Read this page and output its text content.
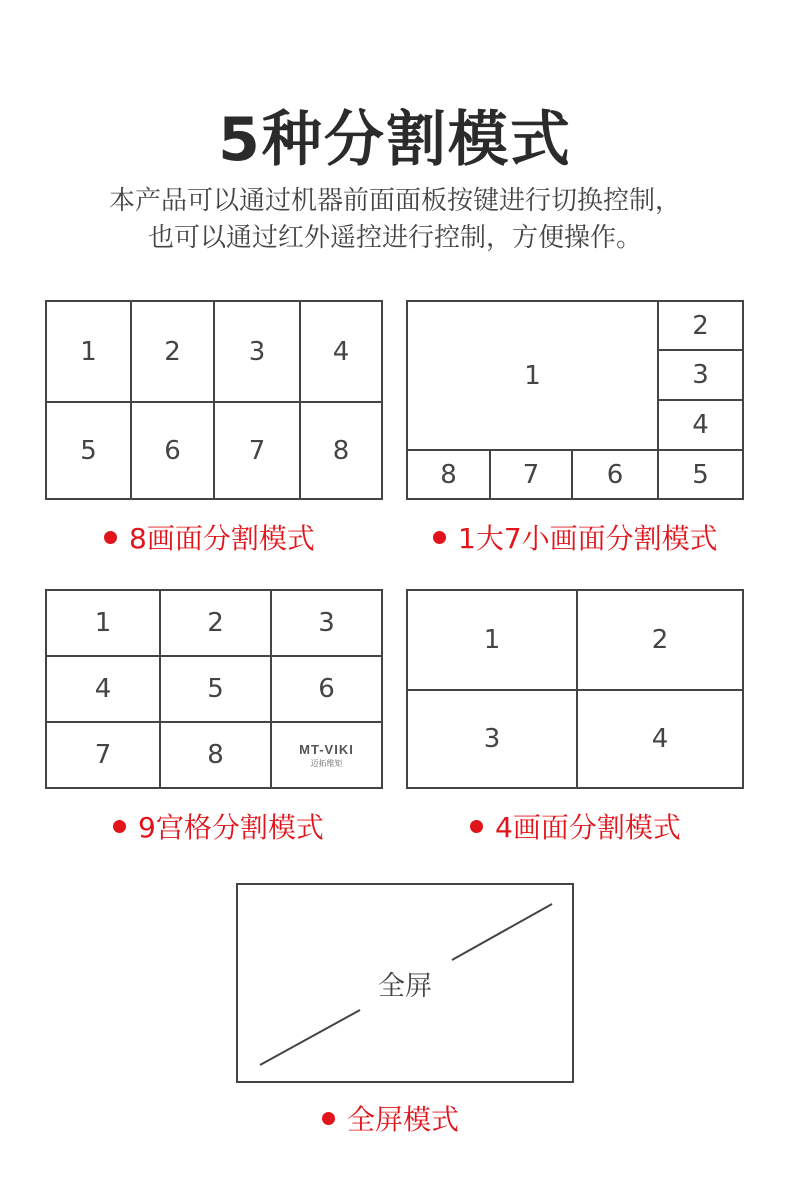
5种分割模式
本产品可以通过机器前面面板按键进行切换控制，
也可以通过红外遥控进行控制，方便操作。
1	2	3	4
5	6	7	8
8画面分割模式
1
2
3
4
8	7	6	5
1大7小画面分割模式
1	2	3
4	5	6
7	8	MT-VIKI
迈拓维矩
9宫格分割模式
1	2
3	4
4画面分割模式
全屏
全屏模式
